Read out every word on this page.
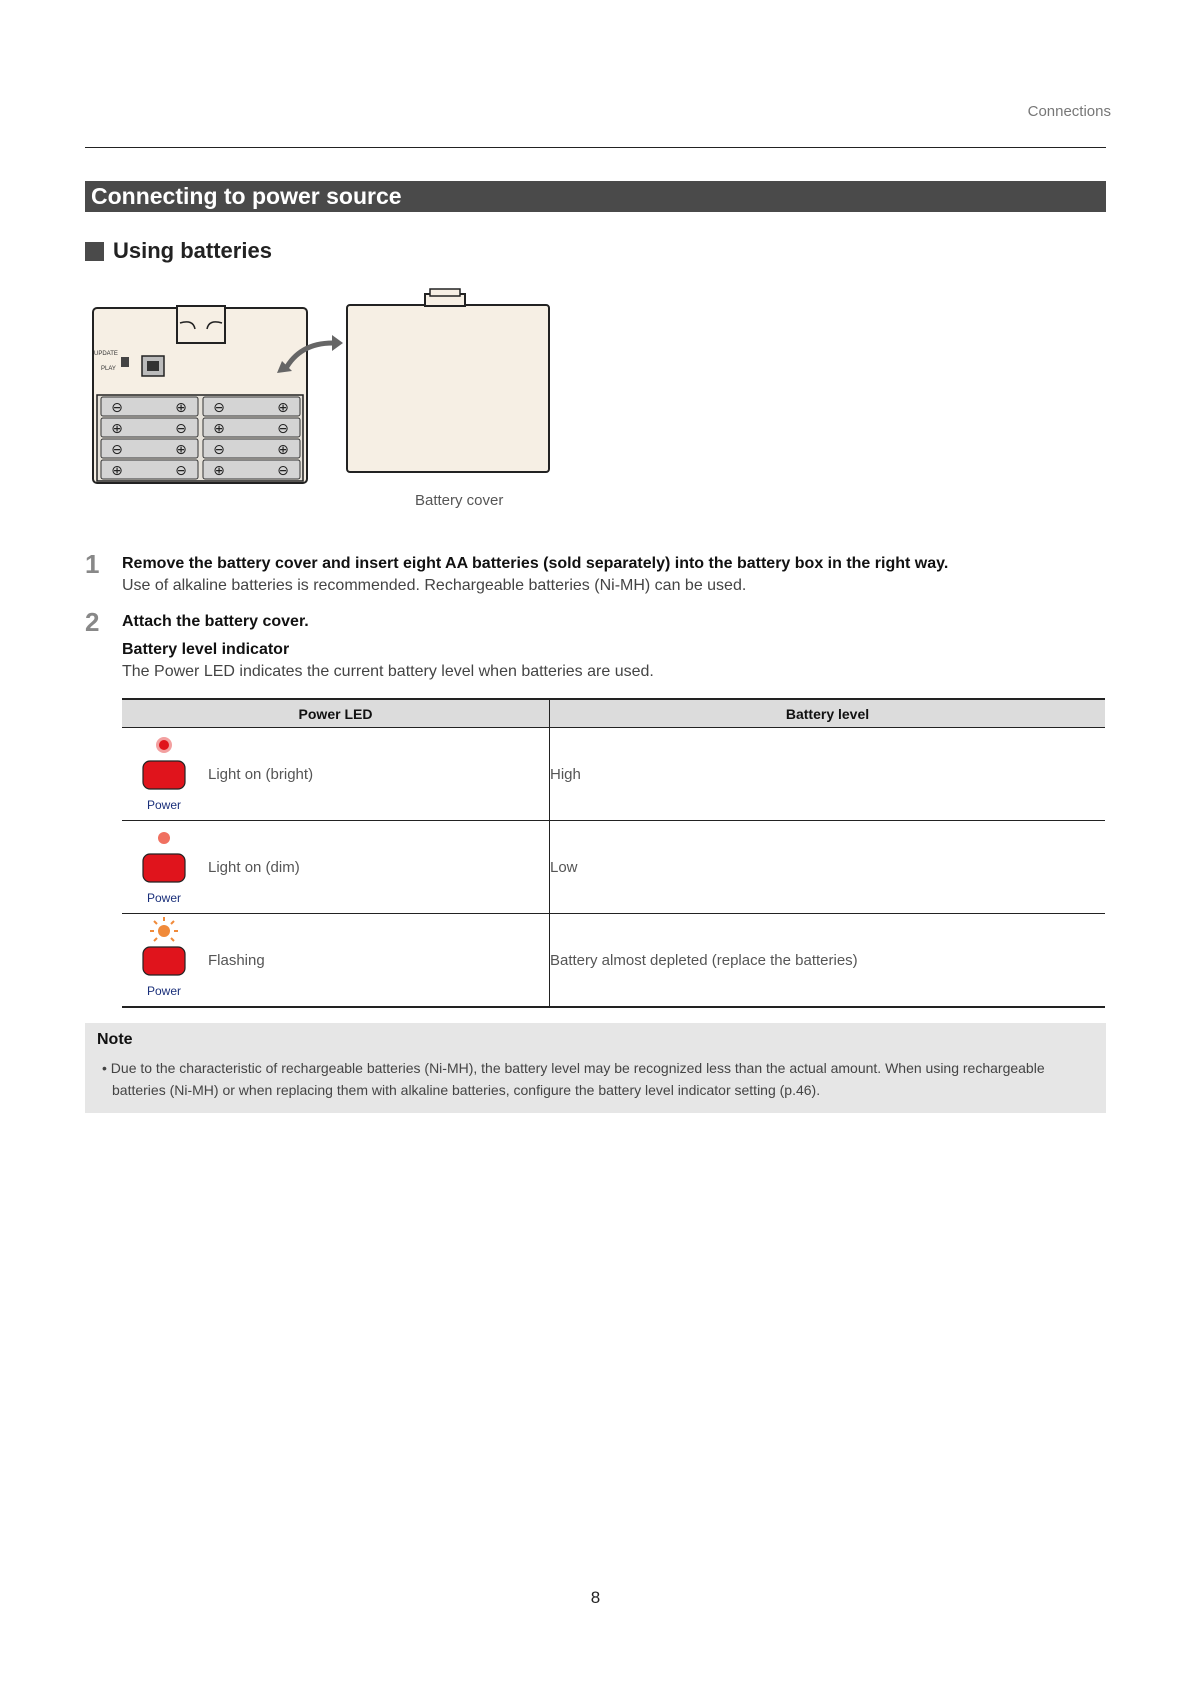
Connections
Connecting to power source
Using batteries
UPDATE
PLAY
⊖	⊕ ⊖	⊕
⊕	⊖ ⊕	⊖
⊖	⊕ ⊖	⊕
⊕	⊖ ⊕	⊖
Battery cover
1 Remove the battery cover and insert eight AA batteries (sold separately) into the battery box in the right way.
Use of alkaline batteries is recommended. Rechargeable batteries (Ni-MH) can be used.
2 Attach the battery cover.
Battery level indicator
The Power LED indicates the current battery level when batteries are used.
Power LED	Battery level

Power
Light on (bright)	High

Power
Light on (dim)	Low

Power
Flashing	Battery almost depleted (replace the batteries)
Note
• Due to the characteristic of rechargeable batteries (Ni-MH), the battery level may be recognized less than the actual amount. When using rechargeable batteries (Ni-MH) or when replacing them with alkaline batteries, configure the battery level indicator setting (p.46).
8
